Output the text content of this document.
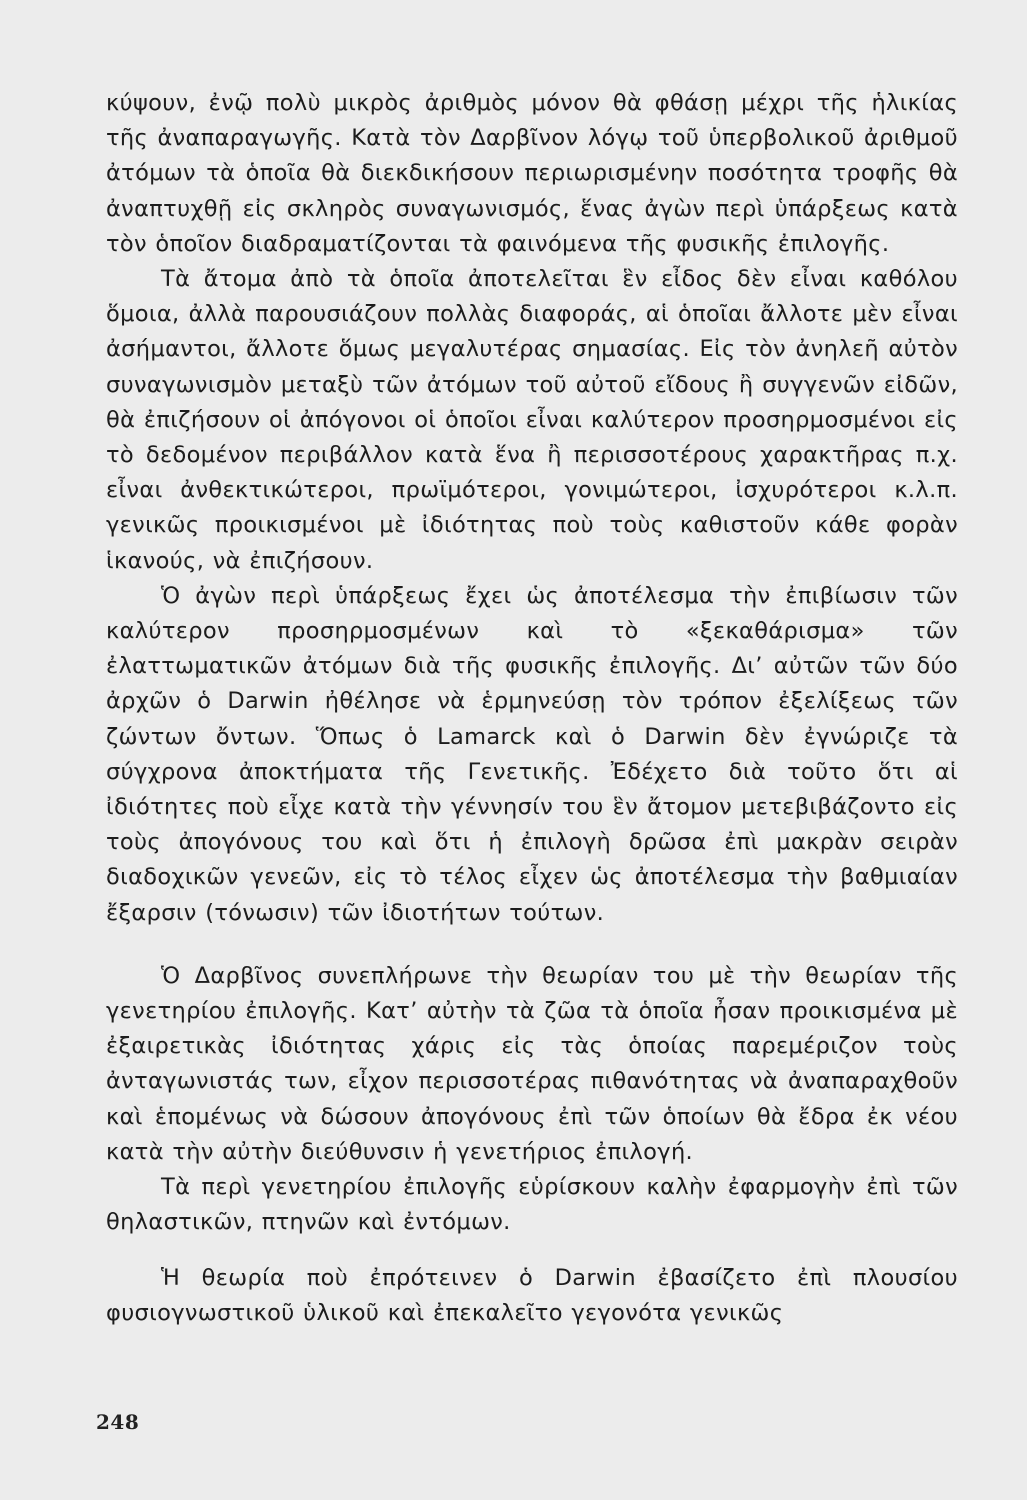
κύψουν, ἐνῷ πολὺ μικρὸς ἀριθμὸς μόνον θὰ φθάσῃ μέχρι τῆς ἡλικίας τῆς ἀναπαραγωγῆς. Κατὰ τὸν Δαρβῖνον λόγῳ τοῦ ὑπερβολικοῦ ἀριθμοῦ ἀτόμων τὰ ὁποῖα θὰ διεκδικήσουν περιωρισμένην ποσότητα τροφῆς θὰ ἀναπτυχθῇ εἰς σκληρὸς συναγωνισμός, ἕνας ἀγὼν περὶ ὑπάρξεως κατὰ τὸν ὁποῖον διαδραματίζονται τὰ φαινόμενα τῆς φυσικῆς ἐπιλογῆς.

Τὰ ἄτομα ἀπὸ τὰ ὁποῖα ἀποτελεῖται ἓν εἶδος δὲν εἶναι καθόλου ὅμοια, ἀλλὰ παρουσιάζουν πολλὰς διαφοράς, αἱ ὁποῖαι ἄλλοτε μὲν εἶναι ἀσήμαντοι, ἄλλοτε ὅμως μεγαλυτέρας σημασίας. Εἰς τὸν ἀνηλεῆ αὐτὸν συναγωνισμὸν μεταξὺ τῶν ἀτόμων τοῦ αὐτοῦ εἴδους ἢ συγγενῶν εἰδῶν, θὰ ἐπιζήσουν οἱ ἀπόγονοι οἱ ὁποῖοι εἶναι καλύτερον προσηρμοσμένοι εἰς τὸ δεδομένον περιβάλλον κατὰ ἕνα ἢ περισσοτέρους χαρακτῆρας π.χ. εἶναι ἀνθεκτικώτεροι, πρωϊμότεροι, γονιμώτεροι, ἰσχυρότεροι κ.λ.π. γενικῶς προικισμένοι μὲ ἰδιότητας ποὺ τοὺς καθιστοῦν κάθε φορὰν ἱκανούς, νὰ ἐπιζήσουν.

Ὁ ἀγὼν περὶ ὑπάρξεως ἔχει ὡς ἀποτέλεσμα τὴν ἐπιβίωσιν τῶν καλύτερον προσηρμοσμένων καὶ τὸ «ξεκαθάρισμα» τῶν ἐλαττωματικῶν ἀτόμων διὰ τῆς φυσικῆς ἐπιλογῆς. Δι’ αὐτῶν τῶν δύο ἀρχῶν ὁ Darwin ἠθέλησε νὰ ἑρμηνεύσῃ τὸν τρόπον ἐξελίξεως τῶν ζώντων ὄντων. Ὅπως ὁ Lamarck καὶ ὁ Darwin δὲν ἐγνώριζε τὰ σύγχρονα ἀποκτήματα τῆς Γενετικῆς. Ἐδέχετο διὰ τοῦτο ὅτι αἱ ἰδιότητες ποὺ εἶχε κατὰ τὴν γέννησίν του ἓν ἄτομον μετεβιβάζοντο εἰς τοὺς ἀπογόνους του καὶ ὅτι ἡ ἐπιλογὴ δρῶσα ἐπὶ μακρὰν σειρὰν διαδοχικῶν γενεῶν, εἰς τὸ τέλος εἶχεν ὡς ἀποτέλεσμα τὴν βαθμιαίαν ἔξαρσιν (τόνωσιν) τῶν ἰδιοτήτων τούτων.

Ὁ Δαρβῖνος συνεπλήρωνε τὴν θεωρίαν του μὲ τὴν θεωρίαν τῆς γενετηρίου ἐπιλογῆς. Κατ’ αὐτὴν τὰ ζῶα τὰ ὁποῖα ἦσαν προικισμένα μὲ ἐξαιρετικὰς ἰδιότητας χάρις εἰς τὰς ὁποίας παρεμέριζον τοὺς ἀνταγωνιστάς των, εἶχον περισσοτέρας πιθανότητας νὰ ἀναπαραχθοῦν καὶ ἑπομένως νὰ δώσουν ἀπογόνους ἐπὶ τῶν ὁποίων θὰ ἔδρα ἐκ νέου κατὰ τὴν αὐτὴν διεύθυνσιν ἡ γενετήριος ἐπιλογή.

Τὰ περὶ γενετηρίου ἐπιλογῆς εὑρίσκουν καλὴν ἐφαρμογὴν ἐπὶ τῶν θηλαστικῶν, πτηνῶν καὶ ἐντόμων.

Ἡ θεωρία ποὺ ἐπρότεινεν ὁ Darwin ἐβασίζετο ἐπὶ πλουσίου φυσιογνωστικοῦ ὑλικοῦ καὶ ἐπεκαλεῖτο γεγονότα γενικῶς

248
